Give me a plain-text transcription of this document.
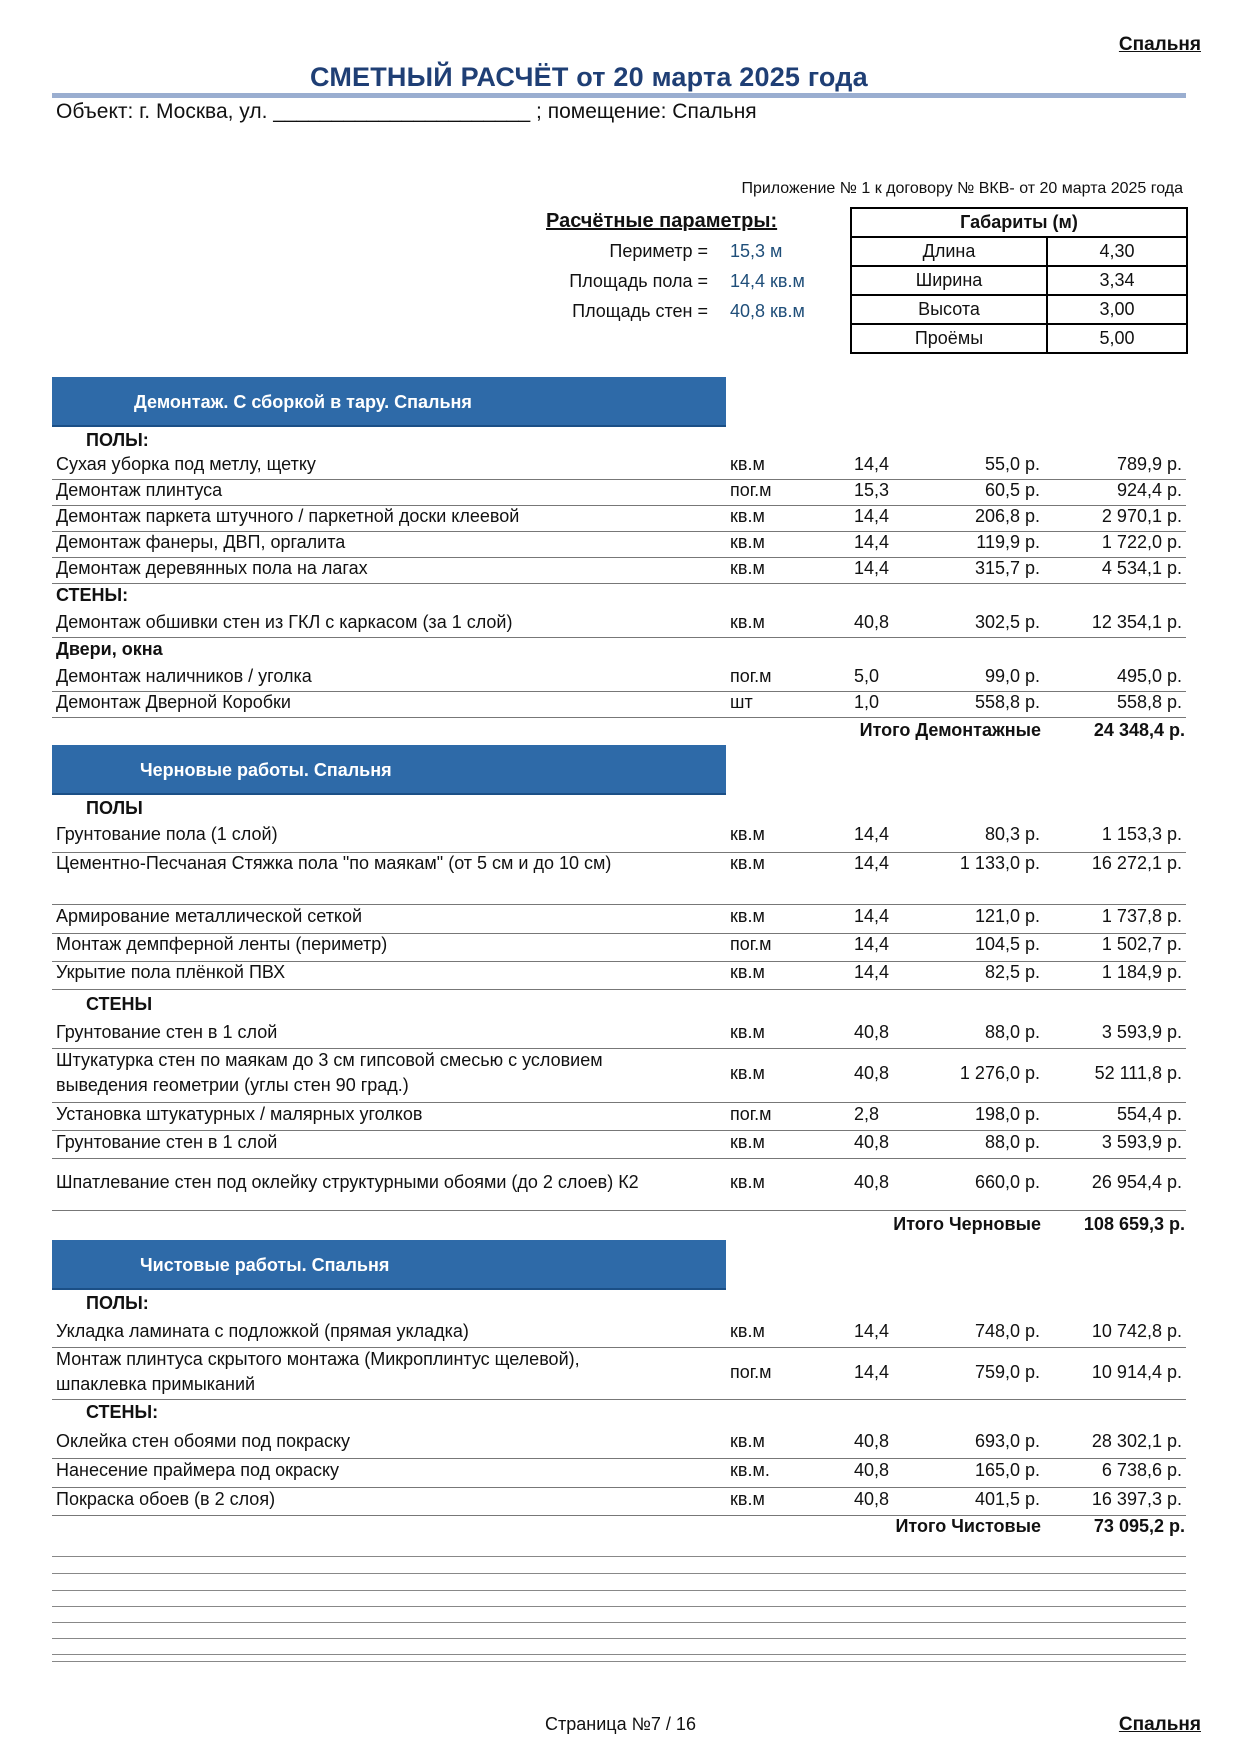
Спальня
СМЕТНЫЙ РАСЧЁТ от 20 марта 2025 года
Объект: г. Москва, ул. ______________________ ; помещение: Спальня
Приложение № 1 к договору № ВКВ- от 20 марта 2025 года
Расчётные параметры:
Периметр = 15,3 м
Площадь пола = 14,4 кв.м
Площадь стен = 40,8 кв.м
Габариты (м)	
Длина	4,30
Ширина	3,34
Высота	3,00
Проёмы	5,00
Демонтаж. С сборкой в тару. Спальня
ПОЛЫ:
Сухая уборка под метлу, щетку	кв.м	14,4	55,0 р.	789,9 р.
Демонтаж плинтуса	пог.м	15,3	60,5 р.	924,4 р.
Демонтаж паркета штучного / паркетной доски клеевой	кв.м	14,4	206,8 р.	2 970,1 р.
Демонтаж фанеры, ДВП, оргалита	кв.м	14,4	119,9 р.	1 722,0 р.
Демонтаж деревянных пола на лагах	кв.м	14,4	315,7 р.	4 534,1 р.
СТЕНЫ:
Демонтаж обшивки стен из ГКЛ с каркасом (за 1 слой)	кв.м	40,8	302,5 р.	12 354,1 р.
Двери, окна
Демонтаж наличников / уголка	пог.м	5,0	99,0 р.	495,0 р.
Демонтаж Дверной Коробки	шт	1,0	558,8 р.	558,8 р.
Итого Демонтажные	24 348,4 р.
Черновые работы. Спальня
ПОЛЫ
Грунтование пола (1 слой)	кв.м	14,4	80,3 р.	1 153,3 р.
Цементно-Песчаная Стяжка пола "по маякам" (от 5 см и до 10 см)	кв.м	14,4	1 133,0 р.	16 272,1 р.
Армирование металлической сеткой	кв.м	14,4	121,0 р.	1 737,8 р.
Монтаж демпферной ленты (периметр)	пог.м	14,4	104,5 р.	1 502,7 р.
Укрытие пола плёнкой ПВХ	кв.м	14,4	82,5 р.	1 184,9 р.
СТЕНЫ
Грунтование стен в 1 слой	кв.м	40,8	88,0 р.	3 593,9 р.
Штукатурка стен по маякам до 3 см гипсовой смесью с условием
выведения геометрии (углы стен 90 град.)
кв.м	40,8	1 276,0 р.	52 111,8 р.
Установка штукатурных / малярных уголков	пог.м	2,8	198,0 р.	554,4 р.
Грунтование стен в 1 слой	кв.м	40,8	88,0 р.	3 593,9 р.
Шпатлевание стен под оклейку структурными обоями (до 2 слоев) К2	кв.м	40,8	660,0 р.	26 954,4 р.
Итого Черновые 108 659,3 р.
Чистовые работы. Спальня
ПОЛЫ:
Укладка ламината с подложкой (прямая укладка)	кв.м	14,4	748,0 р.	10 742,8 р.
Монтаж плинтуса скрытого монтажа (Микроплинтус щелевой),
шпаклевка примыканий
пог.м	14,4	759,0 р.	10 914,4 р.
СТЕНЫ:
Оклейка стен обоями под покраску	кв.м	40,8	693,0 р.	28 302,1 р.
Нанесение праймера под окраску	кв.м.	40,8	165,0 р.	6 738,6 р.
Покраска обоев (в 2 слоя)	кв.м	40,8	401,5 р.	16 397,3 р.
Итого Чистовые	73 095,2 р.
Страница №7 / 16	Спальня
